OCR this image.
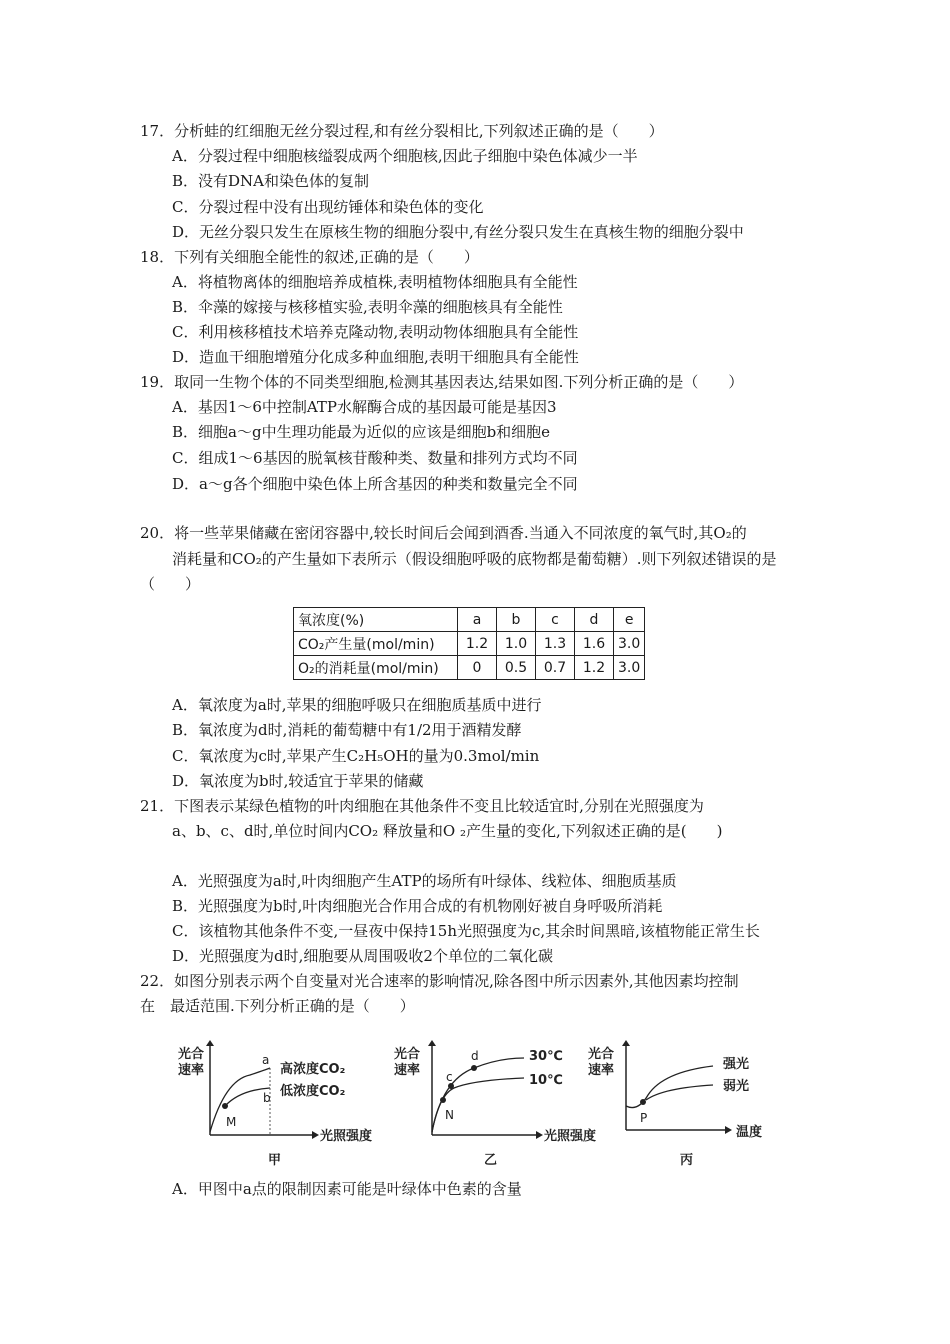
17．分析蛙的红细胞无丝分裂过程,和有丝分裂相比,下列叙述正确的是（　　）
A．分裂过程中细胞核缢裂成两个细胞核,因此子细胞中染色体减少一半
B．没有DNA和染色体的复制
C．分裂过程中没有出现纺锤体和染色体的变化
D．无丝分裂只发生在原核生物的细胞分裂中,有丝分裂只发生在真核生物的细胞分裂中
18．下列有关细胞全能性的叙述,正确的是（　　）
A．将植物离体的细胞培养成植株,表明植物体细胞具有全能性
B．伞藻的嫁接与核移植实验,表明伞藻的细胞核具有全能性
C．利用核移植技术培养克隆动物,表明动物体细胞具有全能性
D．造血干细胞增殖分化成多种血细胞,表明干细胞具有全能性
19．取同一生物个体的不同类型细胞,检测其基因表达,结果如图.下列分析正确的是（　　）
A．基因1～6中控制ATP水解酶合成的基因最可能是基因3
B．细胞a～g中生理功能最为近似的应该是细胞b和细胞e
C．组成1～6基因的脱氧核苷酸种类、数量和排列方式均不同
D．a～g各个细胞中染色体上所含基因的种类和数量完全不同
20．将一些苹果储藏在密闭容器中,较长时间后会闻到酒香.当通入不同浓度的氧气时,其O₂的
消耗量和CO₂的产生量如下表所示（假设细胞呼吸的底物都是葡萄糖）.则下列叙述错误的是
（　　）
氧浓度(%)	a	b	c	d	e
CO₂产生量(mol/min)	1.2	1.0	1.3	1.6	3.0
O₂的消耗量(mol/min)	0	0.5	0.7	1.2	3.0
A．氧浓度为a时,苹果的细胞呼吸只在细胞质基质中进行
B．氧浓度为d时,消耗的葡萄糖中有1/2用于酒精发酵
C．氧浓度为c时,苹果产生C₂H₅OH的量为0.3mol/min
D．氧浓度为b时,较适宜于苹果的储藏
21．下图表示某绿色植物的叶肉细胞在其他条件不变且比较适宜时,分别在光照强度为
a、b、c、d时,单位时间内CO₂ 释放量和O ₂产生量的变化,下列叙述正确的是(　　)
A．光照强度为a时,叶肉细胞产生ATP的场所有叶绿体、线粒体、细胞质基质
B．光照强度为b时,叶肉细胞光合作用合成的有机物刚好被自身呼吸所消耗
C．该植物其他条件不变,一昼夜中保持15h光照强度为c,其余时间黑暗,该植物能正常生长
D．光照强度为d时,细胞要从周围吸收2个单位的二氧化碳
22．如图分别表示两个自变量对光合速率的影响情况,除各图中所示因素外,其他因素均控制
在　最适范围.下列分析正确的是（　　）
光合
速率
M
a
b
高浓度CO₂
低浓度CO₂
光照强度
甲
光合
速率
N
c
d	30℃
10℃
光照强度
乙
光合
速率
P
强光
弱光
温度
丙
A．甲图中a点的限制因素可能是叶绿体中色素的含量
